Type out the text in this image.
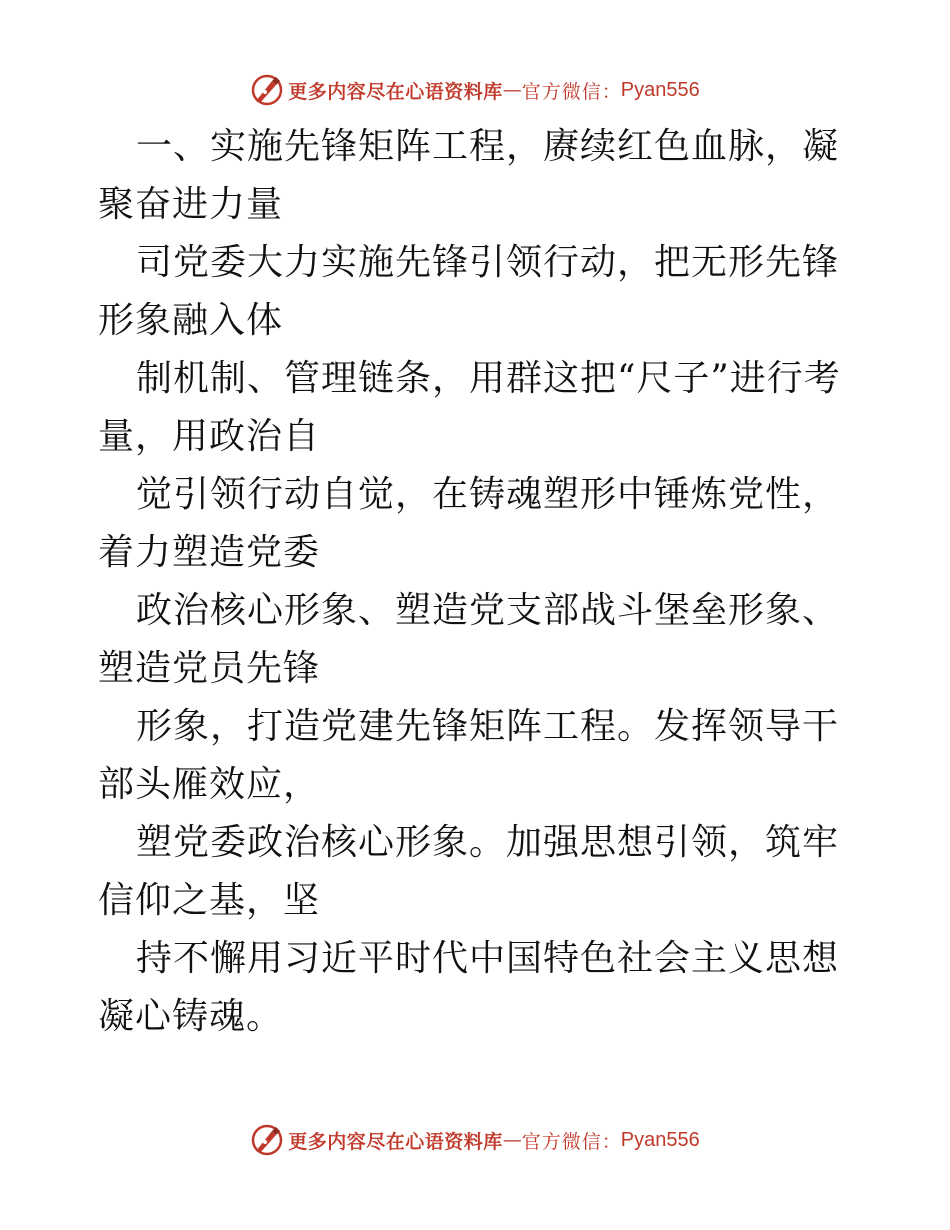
更多内容尽在心语资料库 — 官方微信 ： Pyan556

一、实施先锋矩阵工程，赓续红色血脉，凝聚奋进力量

司党委大力实施先锋引领行动，把无形先锋形象融入体

制机制、管理链条，用群这把“尺子”进行考量，用政治自

觉引领行动自觉，在铸魂塑形中锤炼党性，着力塑造党委

政治核心形象、塑造党支部战斗堡垒形象、塑造党员先锋

形象，打造党建先锋矩阵工程。发挥领导干部头雁效应，

塑党委政治核心形象。加强思想引领，筑牢信仰之基，坚

持不懈用习近平时代中国特色社会主义思想凝心铸魂。

更多内容尽在心语资料库 — 官方微信 ： Pyan556
